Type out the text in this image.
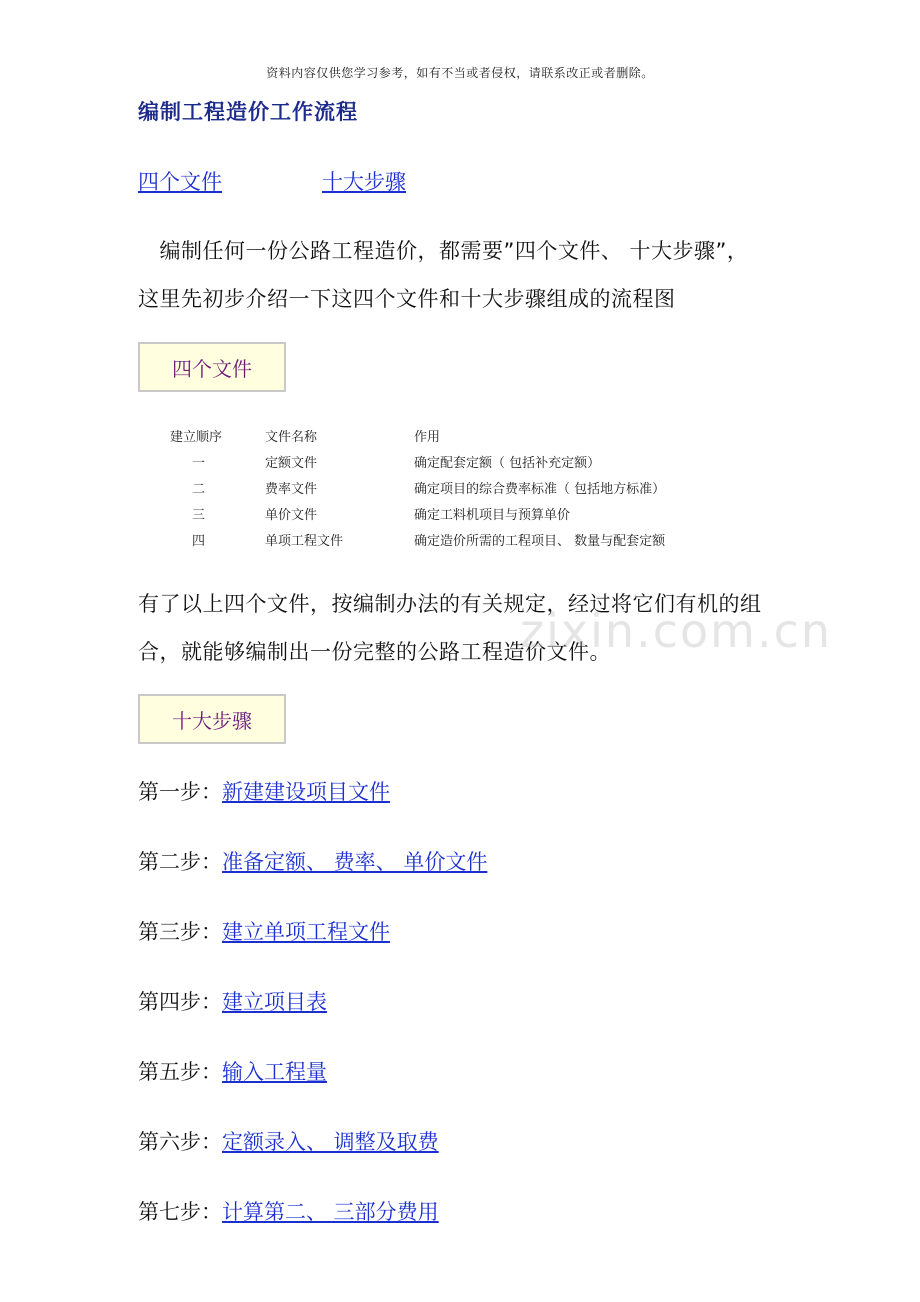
资料内容仅供您学习参考，如有不当或者侵权，请联系改正或者删除。
编制工程造价工作流程
四个文件	十大步骤

　编制任何一份公路工程造价，都需要”四个文件、 十大步骤”，

这里先初步介绍一下这四个文件和十大步骤组成的流程图

四个文件
建立顺序	文件名称	作用
一	定额文件	确定配套定额（ 包括补充定额）
二	费率文件	确定项目的综合费率标准（ 包括地方标准）
三	单价文件	确定工料机项目与预算单价
四	单项工程文件	确定造价所需的工程项目、 数量与配套定额

有了以上四个文件，按编制办法的有关规定，经过将它们有机的组

合，就能够编制出一份完整的公路工程造价文件。

zixin.com.cn
十大步骤
第一步：新建建设项目文件
第二步：准备定额、 费率、 单价文件
第三步：建立单项工程文件
第四步：建立项目表
第五步：输入工程量
第六步：定额录入、 调整及取费
第七步：计算第二、 三部分费用
